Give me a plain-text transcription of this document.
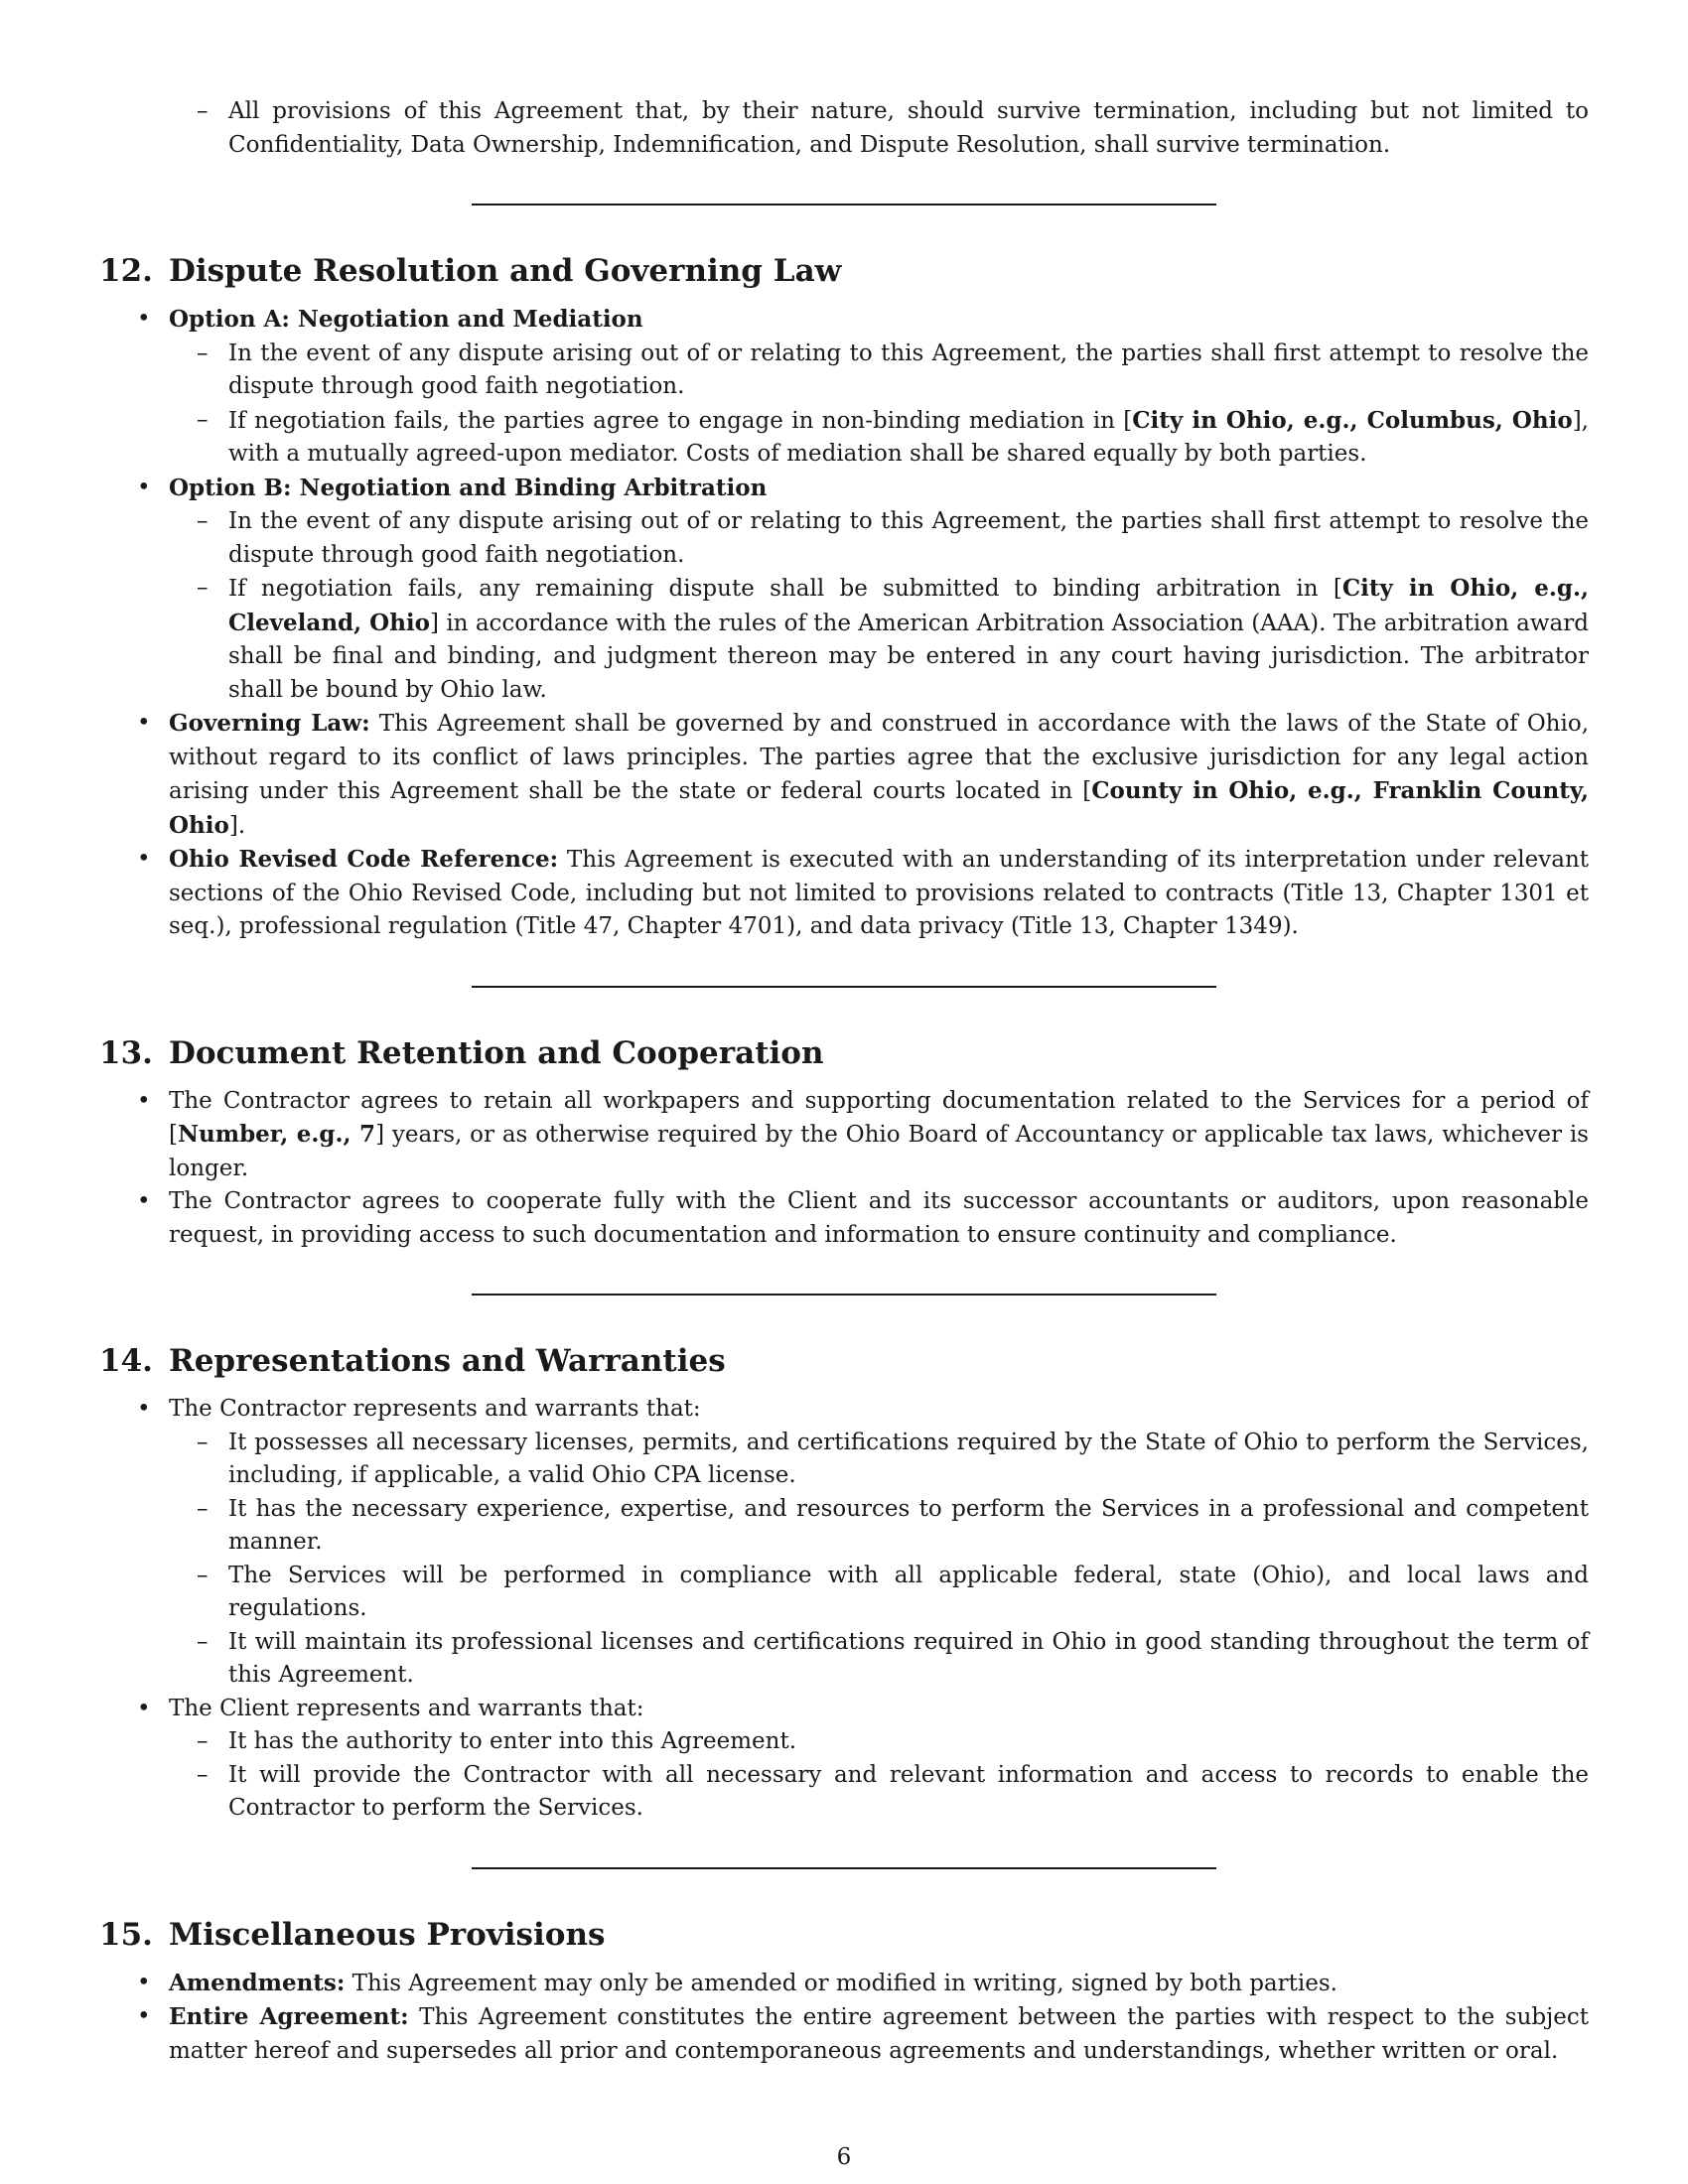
– All provisions of this Agreement that, by their nature, should survive termination, including but not limited to Confidentiality, Data Ownership, Indemnification, and Dispute Resolution, shall survive termination.
12. Dispute Resolution and Governing Law
• Option A: Negotiation and Mediation
– In the event of any dispute arising out of or relating to this Agreement, the parties shall first attempt to resolve the dispute through good faith negotiation.
– If negotiation fails, the parties agree to engage in non-binding mediation in [City in Ohio, e.g., Columbus, Ohio], with a mutually agreed-upon mediator. Costs of mediation shall be shared equally by both parties.
• Option B: Negotiation and Binding Arbitration
– In the event of any dispute arising out of or relating to this Agreement, the parties shall first attempt to resolve the dispute through good faith negotiation.
– If negotiation fails, any remaining dispute shall be submitted to binding arbitration in [City in Ohio, e.g., Cleveland, Ohio] in accordance with the rules of the American Arbitration Association (AAA). The arbitration award shall be final and binding, and judgment thereon may be entered in any court having jurisdiction. The arbitrator shall be bound by Ohio law.
• Governing Law: This Agreement shall be governed by and construed in accordance with the laws of the State of Ohio, without regard to its conflict of laws principles. The parties agree that the exclusive jurisdiction for any legal action arising under this Agreement shall be the state or federal courts located in [County in Ohio, e.g., Franklin County, Ohio].
• Ohio Revised Code Reference: This Agreement is executed with an understanding of its interpretation under relevant sections of the Ohio Revised Code, including but not limited to provisions related to contracts (Title 13, Chapter 1301 et seq.), professional regulation (Title 47, Chapter 4701), and data privacy (Title 13, Chapter 1349).
13. Document Retention and Cooperation
• The Contractor agrees to retain all workpapers and supporting documentation related to the Services for a period of [Number, e.g., 7] years, or as otherwise required by the Ohio Board of Accountancy or applicable tax laws, whichever is longer.
• The Contractor agrees to cooperate fully with the Client and its successor accountants or auditors, upon reasonable request, in providing access to such documentation and information to ensure continuity and compliance.
14. Representations and Warranties
• The Contractor represents and warrants that:
– It possesses all necessary licenses, permits, and certifications required by the State of Ohio to perform the Services, including, if applicable, a valid Ohio CPA license.
– It has the necessary experience, expertise, and resources to perform the Services in a professional and competent manner.
– The Services will be performed in compliance with all applicable federal, state (Ohio), and local laws and regulations.
– It will maintain its professional licenses and certifications required in Ohio in good standing throughout the term of this Agreement.
• The Client represents and warrants that:
– It has the authority to enter into this Agreement.
– It will provide the Contractor with all necessary and relevant information and access to records to enable the Contractor to perform the Services.
15. Miscellaneous Provisions
• Amendments: This Agreement may only be amended or modified in writing, signed by both parties.
• Entire Agreement: This Agreement constitutes the entire agreement between the parties with respect to the subject matter hereof and supersedes all prior and contemporaneous agreements and understandings, whether written or oral.
6
